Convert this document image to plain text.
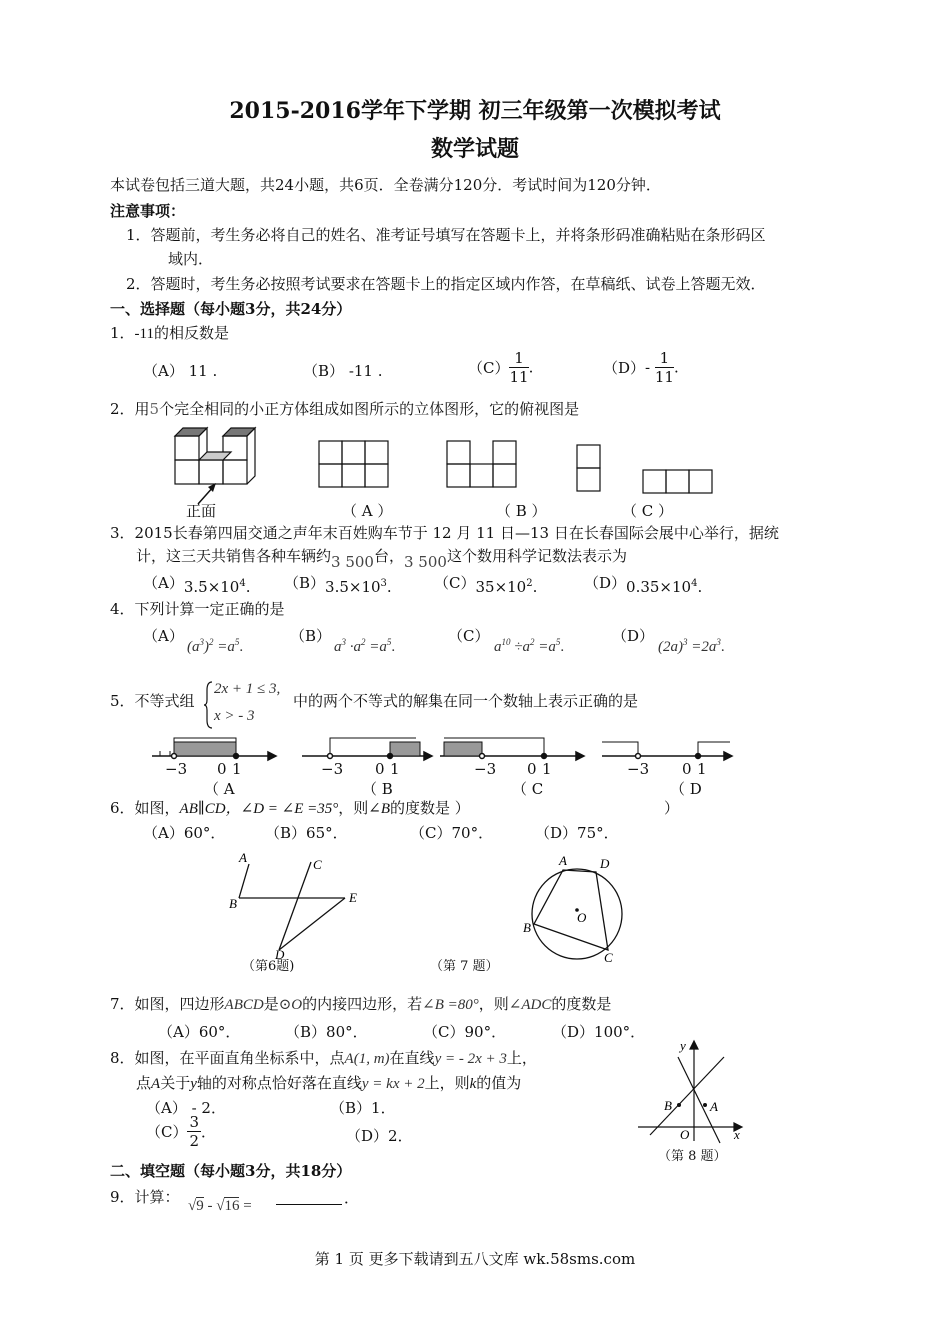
2015-2016学年下学期 初三年级第一次模拟考试
数学试题
本试卷包括三道大题，共24小题，共6页．全卷满分120分．考试时间为120分钟．
注意事项：
1．答题前，考生务必将自己的姓名、准考证号填写在答题卡上，并将条形码准确粘贴在条形码区
域内．
2．答题时，考生务必按照考试要求在答题卡上的指定区域内作答，在草稿纸、试卷上答题无效．
一、选择题（每小题3分，共24分）
1．-11的相反数是
（A） 11 .	（B） -11 .	$(C) \frac{1}{11}$ .	$(D)- \frac{1}{11}$ .
2．用5个完全相同的小正方体组成如图所示的立体图形，它的俯视图是
正面	（ A ）	（ B ）	（ C ）
3．2015长春第四届交通之声年末百姓购车节于 12 月 11 日—13 日在长春国际会展中心举行，据统
计，这三天共销售各种车辆约3 500台，3 500这个数用科学记数法表示为
$(A)3.5\times 10^4$. $(B)3.5\times 10^3$.	$(C)35\times 10^2$.	$(D)0.35\times 10^4$.
4．下列计算一定正确的是
（A）
$(a^3)^2 =a^5$.
（B）
$a^3 \cdot a^2 =a^5$.
（C）
$a^{10} \div a^2 =a^5$.
（D）
$(2a)^3 =2a^3$.
5．不等式组
2x + 1 ≤ 3,
x > - 3
中的两个不等式的解集在同一个数轴上表示正确的是
−3 0 1	−3 0 1	−3 0 1	−3 0 1
（ A	（ B	（ C	（ D
6．如图，AB∥CD，∠D = ∠E =35°，则∠B的度数是 ）	）
（A）60°．	（B）65°．	（C）70°．	（D）75°．
A
B
C
D
E
（第6题)
A	D
B
C
O
（第 7 题）
7．如图，四边形ABCD是⊙O的内接四边形，若∠B =80°，则∠ADC的度数是
（A）60°．	（B）80°．	（C）90°．	（D）100°．
8．如图，在平面直角坐标系中，点A(1, m)在直线y = - 2x + 3上，
点A关于y轴的对称点恰好落在直线y = kx + 2上，则k的值为
（A） - 2．	（B）1．
$(C) \frac{3}{2}$ ．	（D）2．
y
x
O
A
B
（第 8 题）
二、填空题（每小题3分，共18分）
9．计算： √9 - √16 =	．
第 1 页 更多下载请到五八文库 wk.58sms.com
